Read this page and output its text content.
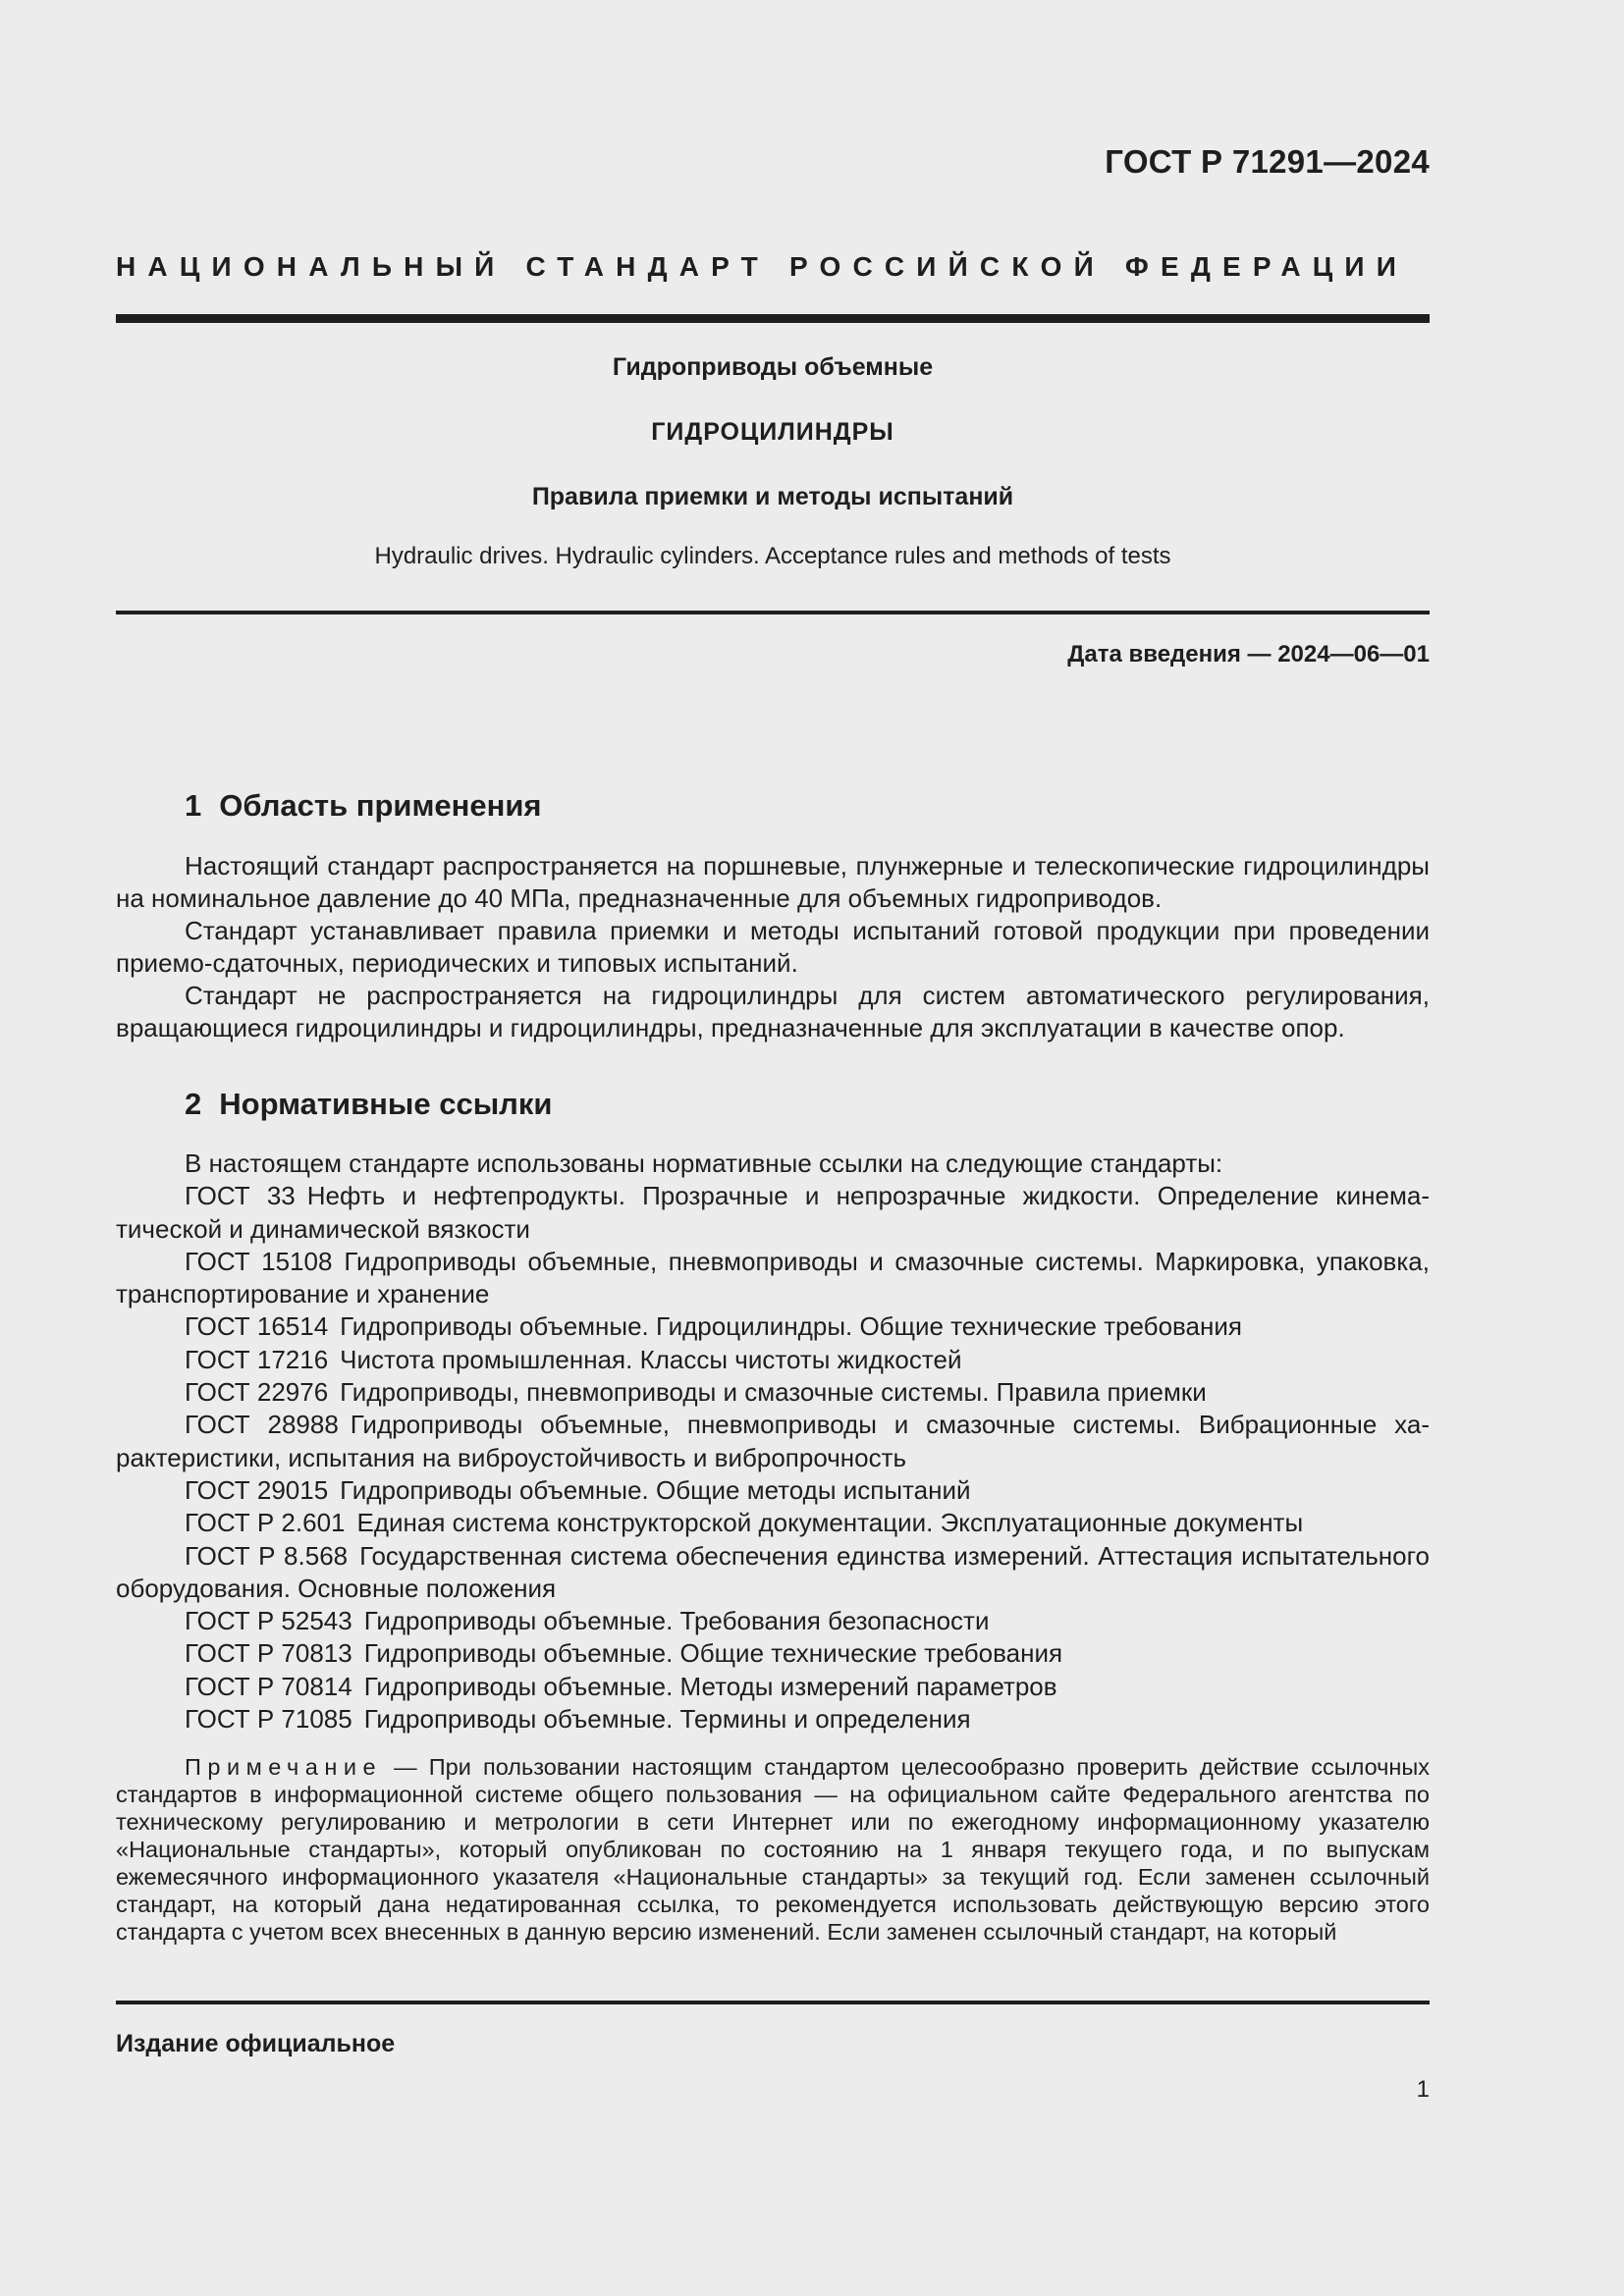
ГОСТ Р 71291—2024
НАЦИОНАЛЬНЫЙ СТАНДАРТ РОССИЙСКОЙ ФЕДЕРАЦИИ
Гидроприводы объемные
ГИДРОЦИЛИНДРЫ
Правила приемки и методы испытаний
Hydraulic drives. Hydraulic cylinders. Acceptance rules and methods of tests
Дата введения — 2024—06—01
1 Область применения
Настоящий стандарт распространяется на поршневые, плунжерные и телескопические гидроцилиндры на номинальное давление до 40 МПа, предназначенные для объемных гидроприводов.
Стандарт устанавливает правила приемки и методы испытаний готовой продукции при проведении приемо-сдаточных, периодических и типовых испытаний.
Стандарт не распространяется на гидроцилиндры для систем автоматического регулирования, вращающиеся гидроцилиндры и гидроцилиндры, предназначенные для эксплуатации в качестве опор.
2 Нормативные ссылки
В настоящем стандарте использованы нормативные ссылки на следующие стандарты:
ГОСТ 33 Нефть и нефтепродукты. Прозрачные и непрозрачные жидкости. Определение кинематической и динамической вязкости
ГОСТ 15108 Гидроприводы объемные, пневмоприводы и смазочные системы. Маркировка, упаковка, транспортирование и хранение
ГОСТ 16514 Гидроприводы объемные. Гидроцилиндры. Общие технические требования
ГОСТ 17216 Чистота промышленная. Классы чистоты жидкостей
ГОСТ 22976 Гидроприводы, пневмоприводы и смазочные системы. Правила приемки
ГОСТ 28988 Гидроприводы объемные, пневмоприводы и смазочные системы. Вибрационные характеристики, испытания на виброустойчивость и вибропрочность
ГОСТ 29015 Гидроприводы объемные. Общие методы испытаний
ГОСТ Р 2.601 Единая система конструкторской документации. Эксплуатационные документы
ГОСТ Р 8.568 Государственная система обеспечения единства измерений. Аттестация испытательного оборудования. Основные положения
ГОСТ Р 52543 Гидроприводы объемные. Требования безопасности
ГОСТ Р 70813 Гидроприводы объемные. Общие технические требования
ГОСТ Р 70814 Гидроприводы объемные. Методы измерений параметров
ГОСТ Р 71085 Гидроприводы объемные. Термины и определения
Примечание — При пользовании настоящим стандартом целесообразно проверить действие ссылочных стандартов в информационной системе общего пользования — на официальном сайте Федерального агентства по техническому регулированию и метрологии в сети Интернет или по ежегодному информационному указателю «Национальные стандарты», который опубликован по состоянию на 1 января текущего года, и по выпускам ежемесячного информационного указателя «Национальные стандарты» за текущий год. Если заменен ссылочный стандарт, на который дана недатированная ссылка, то рекомендуется использовать действующую версию этого стандарта с учетом всех внесенных в данную версию изменений. Если заменен ссылочный стандарт, на который
Издание официальное
1
